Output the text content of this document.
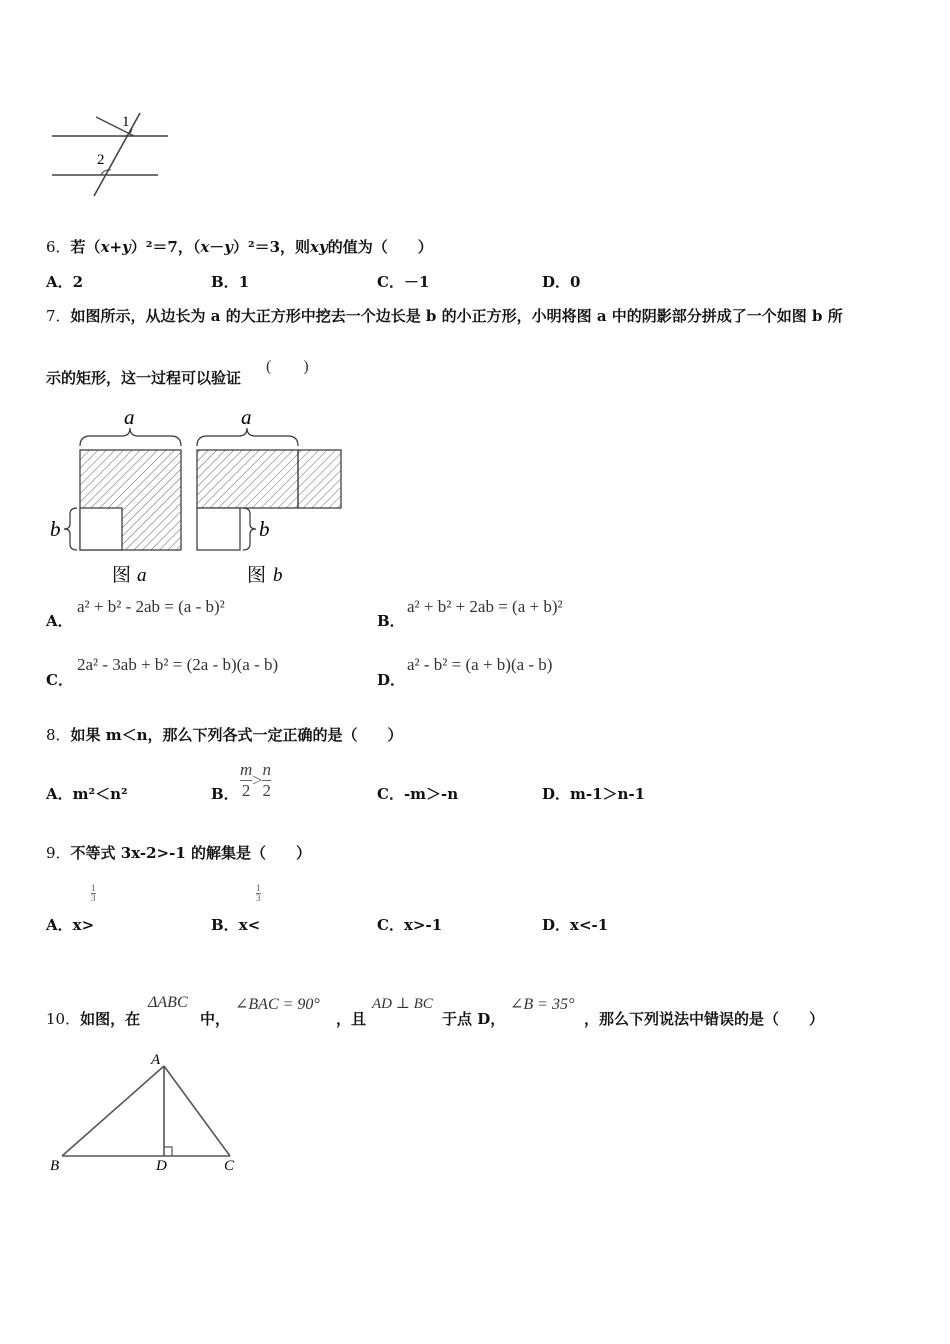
1
2
6．若（x+y）²＝7，（x－y）²＝3，则xy的值为（　　）
A．2	B．1	C．－1	D．0
7．如图所示，从边长为 a 的大正方形中挖去一个边长是 b 的小正方形，小明将图 a 中的阴影部分拼成了一个如图 b 所
示的矩形，这一过程可以验证
(　　)
a
b
图 a
a
b
图 b
A．
a² + b² - 2ab = (a - b)²
B．
a² + b² + 2ab = (a + b)²
C．
2a² - 3ab + b² = (2a - b)(a - b)
D．
a² - b² = (a + b)(a - b)
8．如果 m＜n，那么下列各式一定正确的是（　　）
A．m²＜n²	B． $\frac{m}{2} > \frac{n}{2}$	C．-m＞-n	D．m-1＞n-1
9．不等式 3x-2>-1 的解集是（　　）
$\frac{1}{3}$
A．x>
$\frac{1}{3}$
B．x<	C．x>-1	D．x<-1
10．如图，在
ΔABC
中，
∠BAC = 90°
，且
AD ⊥ BC
于点 D，
∠B = 35°
，那么下列说法中错误的是（　　）
A
B	D	C
